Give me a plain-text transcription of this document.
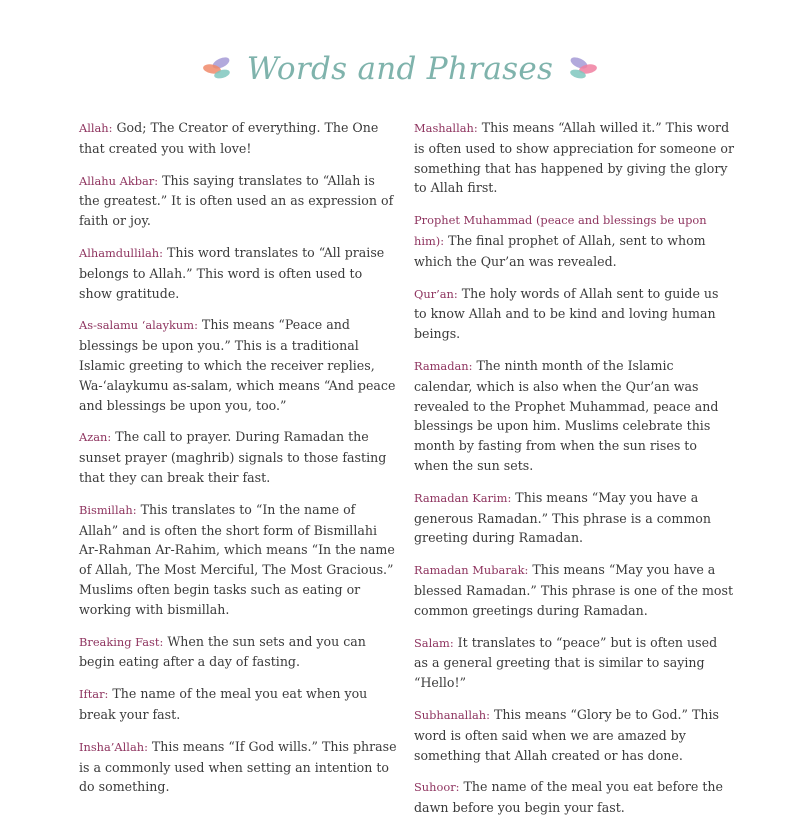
Words and Phrases

Allah: God; The Creator of everything. The One that created you with love!

Allahu Akbar: This saying translates to “Allah is the greatest.” It is often used an as expression of faith or joy.

Alhamdullilah: This word translates to “All praise belongs to Allah.” This word is often used to show gratitude.

As-salamu ‘alaykum: This means “Peace and blessings be upon you.” This is a traditional Islamic greeting to which the receiver replies, Wa-‘alaykumu as-salam, which means “And peace and blessings be upon you, too.”

Azan: The call to prayer. During Ramadan the sunset prayer (maghrib) signals to those fasting that they can break their fast.

Bismillah: This translates to “In the name of Allah” and is often the short form of Bismillahi Ar-Rahman Ar-Rahim, which means “In the name of Allah, The Most Merciful, The Most Gracious.” Muslims often begin tasks such as eating or working with bismillah.

Breaking Fast: When the sun sets and you can begin eating after a day of fasting.

Iftar: The name of the meal you eat when you break your fast.

Insha’Allah: This means “If God wills.” This phrase is a commonly used when setting an intention to do something.

Mashallah: This means “Allah willed it.” This word is often used to show appreciation for someone or something that has happened by giving the glory to Allah first.

Prophet Muhammad (peace and blessings be upon him): The final prophet of Allah, sent to whom which the Qur’an was revealed.

Qur’an: The holy words of Allah sent to guide us to know Allah and to be kind and loving human beings.

Ramadan: The ninth month of the Islamic calendar, which is also when the Qur’an was revealed to the Prophet Muhammad, peace and blessings be upon him. Muslims celebrate this month by fasting from when the sun rises to when the sun sets.

Ramadan Karim: This means “May you have a generous Ramadan.” This phrase is a common greeting during Ramadan.

Ramadan Mubarak: This means “May you have a blessed Ramadan.” This phrase is one of the most common greetings during Ramadan.

Salam: It translates to “peace” but is often used as a general greeting that is similar to saying “Hello!”

Subhanallah: This means “Glory be to God.” This word is often said when we are amazed by something that Allah created or has done.

Suhoor: The name of the meal you eat before the dawn before you begin your fast.
